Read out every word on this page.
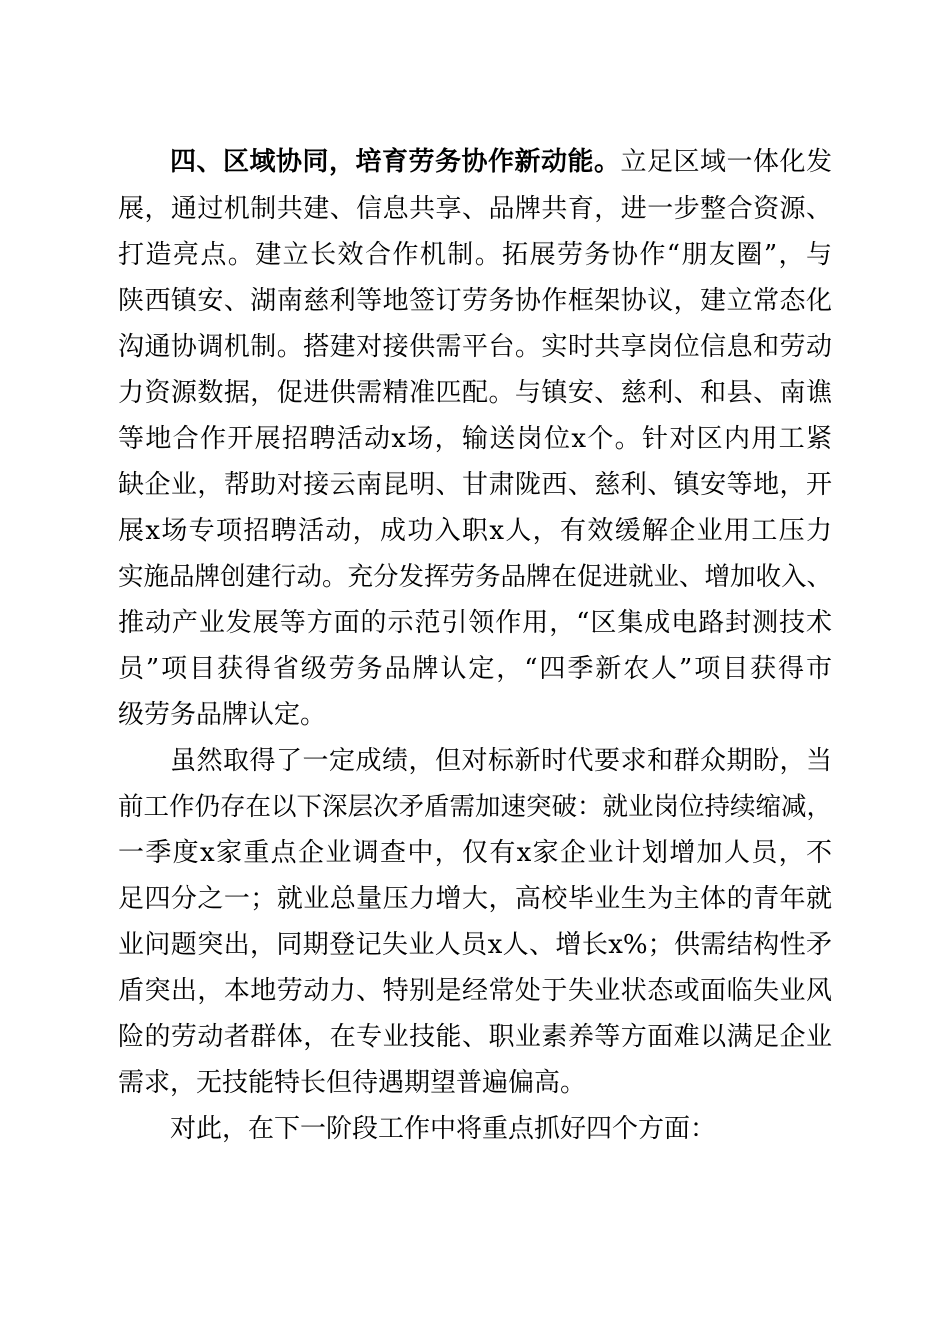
四、区域协同，培育劳务协作新动能。立足区域一体化发
展，通过机制共建、信息共享、品牌共育，进一步整合资源、
打造亮点。建立长效合作机制。拓展劳务协作“朋友圈”，与
陕西镇安、湖南慈利等地签订劳务协作框架协议，建立常态化
沟通协调机制。搭建对接供需平台。实时共享岗位信息和劳动
力资源数据，促进供需精准匹配。与镇安、慈利、和县、南谯
等地合作开展招聘活动x场，输送岗位x个。针对区内用工紧
缺企业，帮助对接云南昆明、甘肃陇西、慈利、镇安等地，开
展x场专项招聘活动，成功入职x人，有效缓解企业用工压力
实施品牌创建行动。充分发挥劳务品牌在促进就业、增加收入、
推动产业发展等方面的示范引领作用，“区集成电路封测技术
员”项目获得省级劳务品牌认定，“四季新农人”项目获得市
级劳务品牌认定。
虽然取得了一定成绩，但对标新时代要求和群众期盼，当
前工作仍存在以下深层次矛盾需加速突破：就业岗位持续缩减，
一季度x家重点企业调查中，仅有x家企业计划增加人员，不
足四分之一；就业总量压力增大，高校毕业生为主体的青年就
业问题突出，同期登记失业人员x人、增长x%；供需结构性矛
盾突出，本地劳动力、特别是经常处于失业状态或面临失业风
险的劳动者群体，在专业技能、职业素养等方面难以满足企业
需求，无技能特长但待遇期望普遍偏高。
对此，在下一阶段工作中将重点抓好四个方面：
